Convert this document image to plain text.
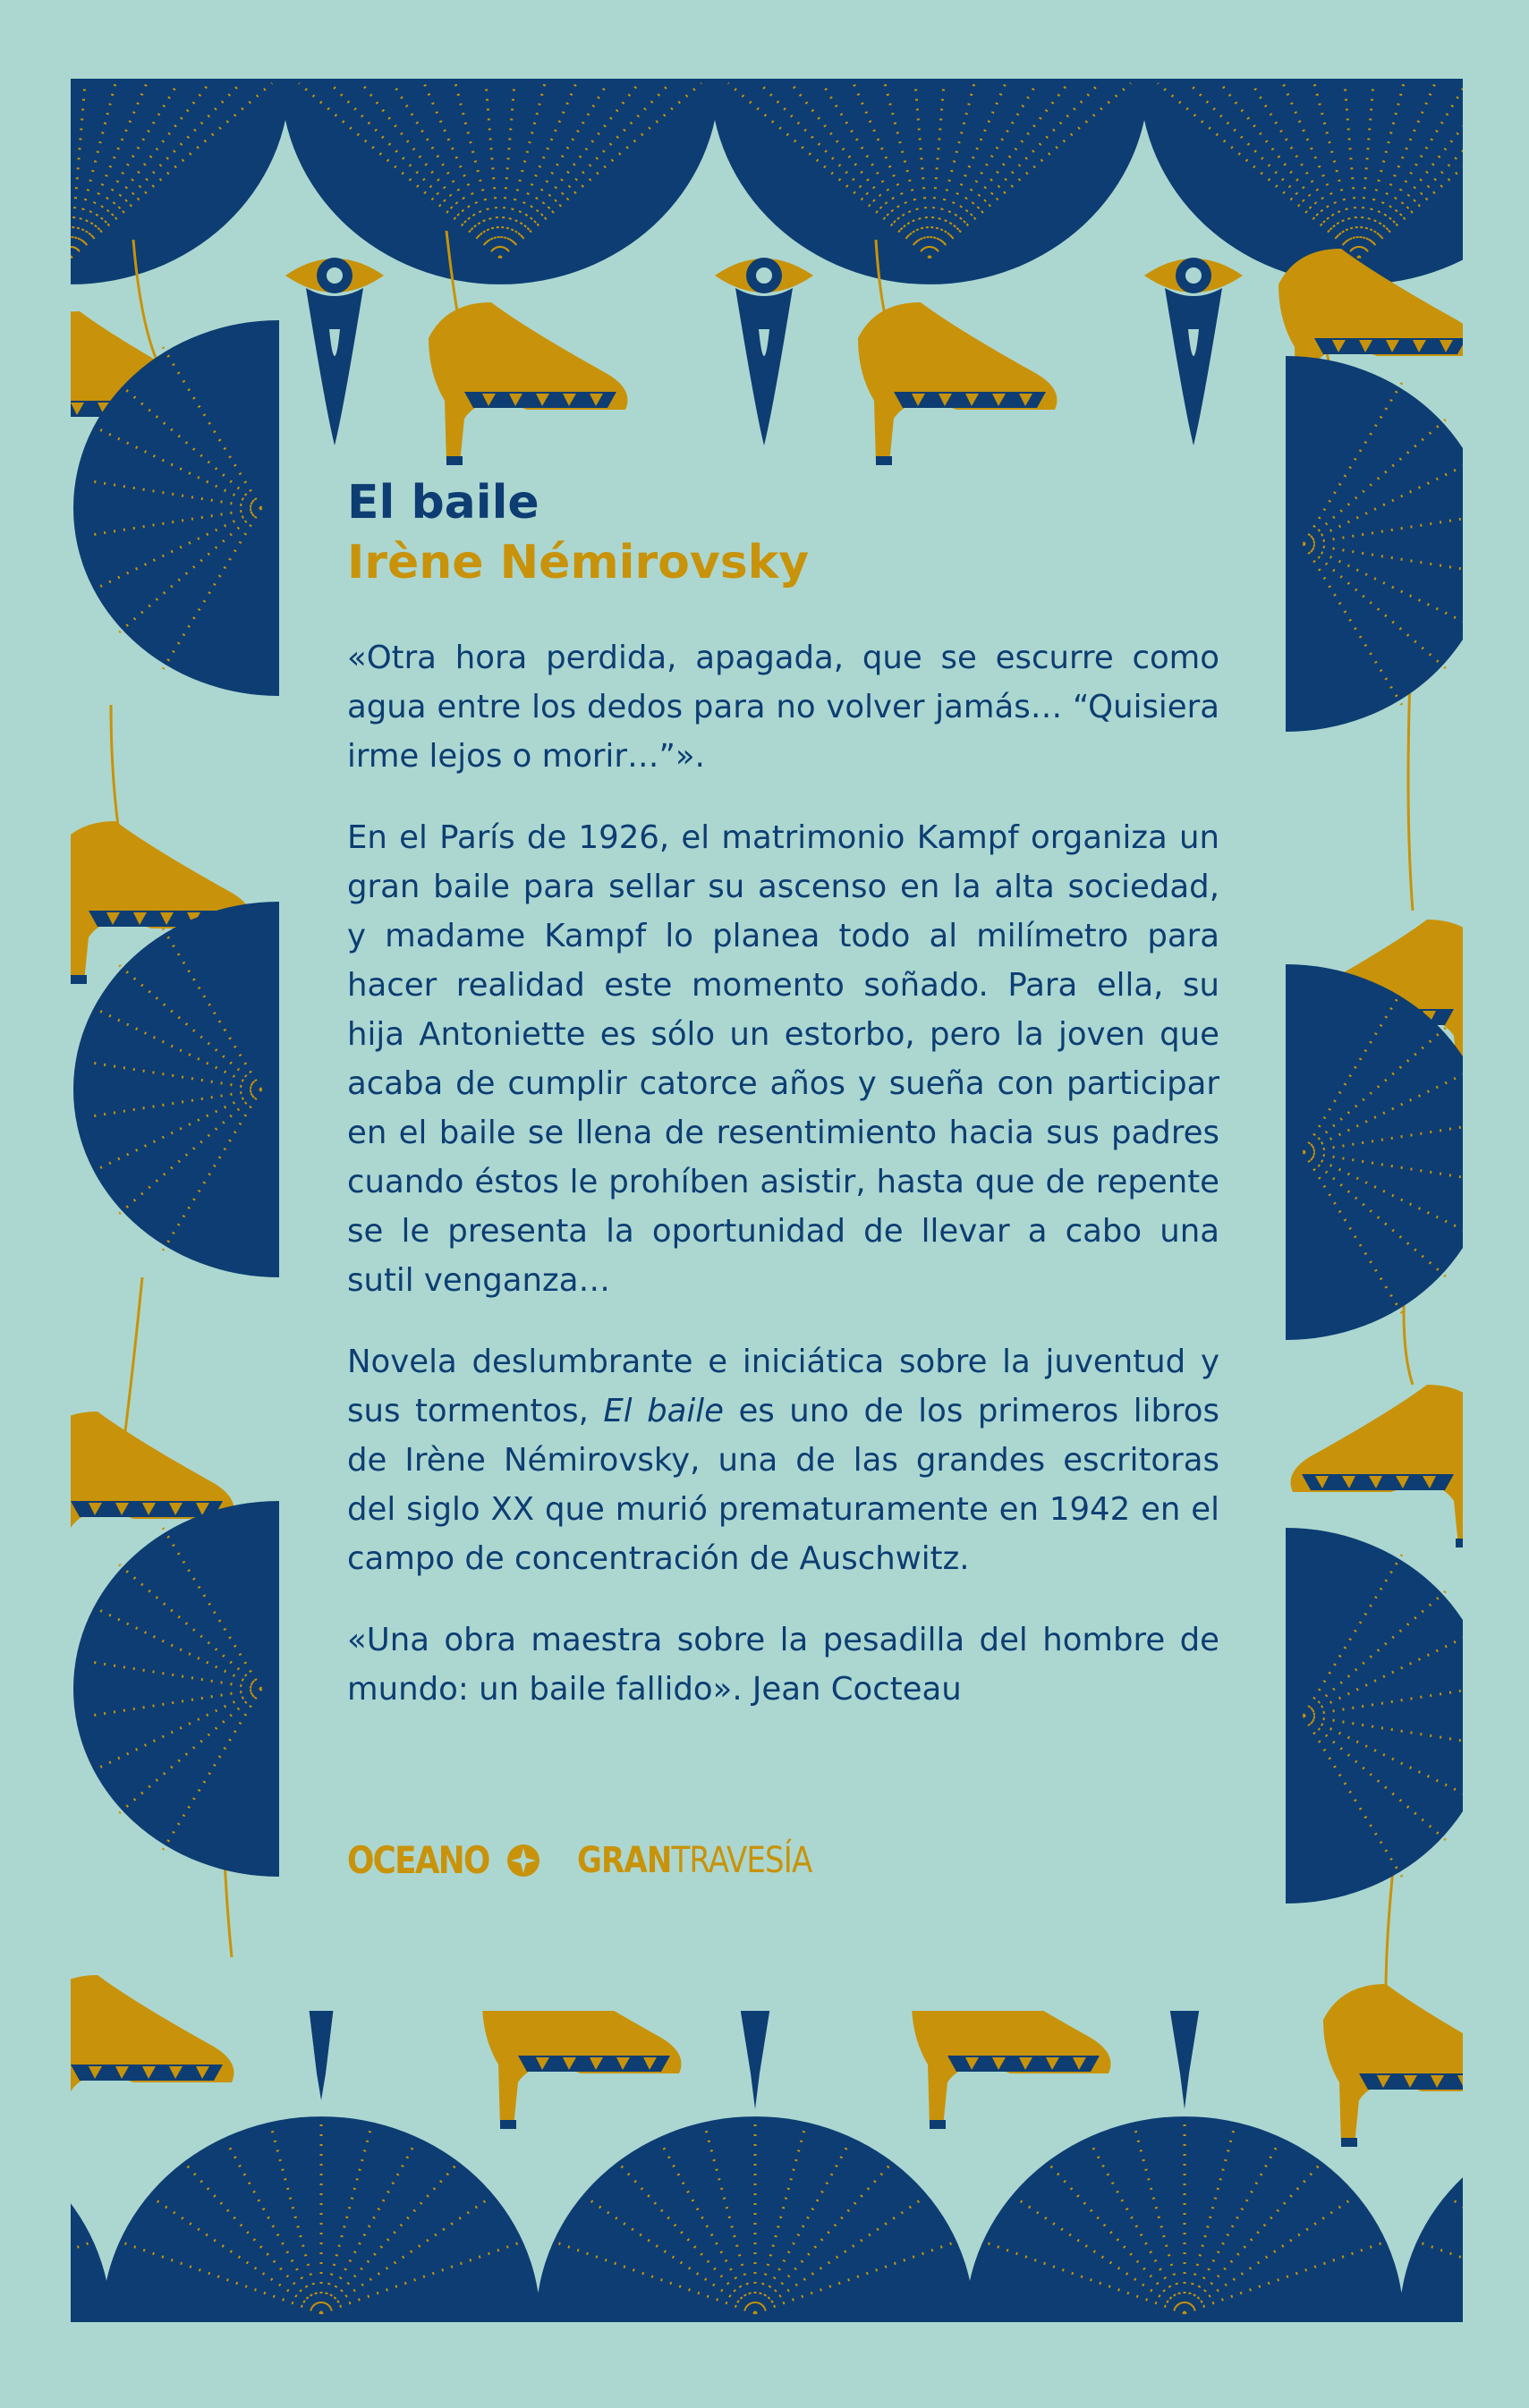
El baile
Irène Némirovsky

«Otra hora perdida, apagada, que se escurre como agua entre los dedos para no volver jamás… “Quisiera irme lejos o morir…”».

En el París de 1926, el matrimonio Kampf organiza un gran baile para sellar su ascenso en la alta sociedad, y madame Kampf lo planea todo al milímetro para hacer realidad este momento soñado. Para ella, su hija Antoniette es sólo un estorbo, pero la joven que acaba de cumplir catorce años y sueña con participar en el baile se llena de resentimiento hacia sus padres cuando éstos le prohíben asistir, hasta que de repente se le presenta la oportunidad de llevar a cabo una sutil venganza…

Novela deslumbrante e iniciática sobre la juventud y sus tormentos, El baile es uno de los primeros libros de Irène Némirovsky, una de las grandes escritoras del siglo XX que murió prematuramente en 1942 en el campo de concentración de Auschwitz.

«Una obra maestra sobre la pesadilla del hombre de mundo: un baile fallido». Jean Cocteau

OCEANO GRANTRAVESÍA
